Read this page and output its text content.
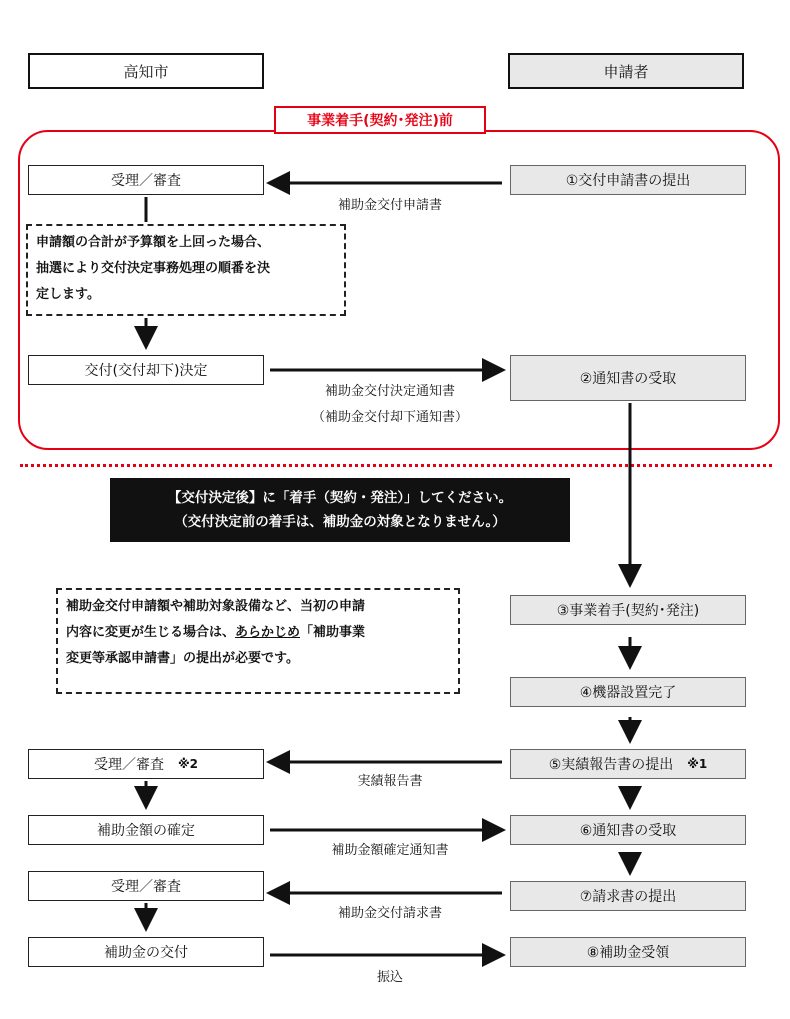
高知市	申請者
事業着手(契約･発注)前
受理／審査
交付(交付却下)決定
受理／審査 ※2
補助金額の確定
受理／審査
補助金の交付
①交付申請書の提出
②通知書の受取
③事業着手(契約･発注)
④機器設置完了
⑤実績報告書の提出 ※1
⑥通知書の受取
⑦請求書の提出
⑧補助金受領
補助金交付申請書
補助金交付決定通知書
（補助金交付却下通知書）
実績報告書
補助金額確定通知書
補助金交付請求書
振込
申請額の合計が予算額を上回った場合、
抽選により交付決定事務処理の順番を決
定します。
【交付決定後】に「着手（契約・発注）」してください。
（交付決定前の着手は、補助金の対象となりません。）
補助金交付申請額や補助対象設備など、当初の申請
内容に変更が生じる場合は、あらかじめ「補助事業
変更等承認申請書」の提出が必要です。
